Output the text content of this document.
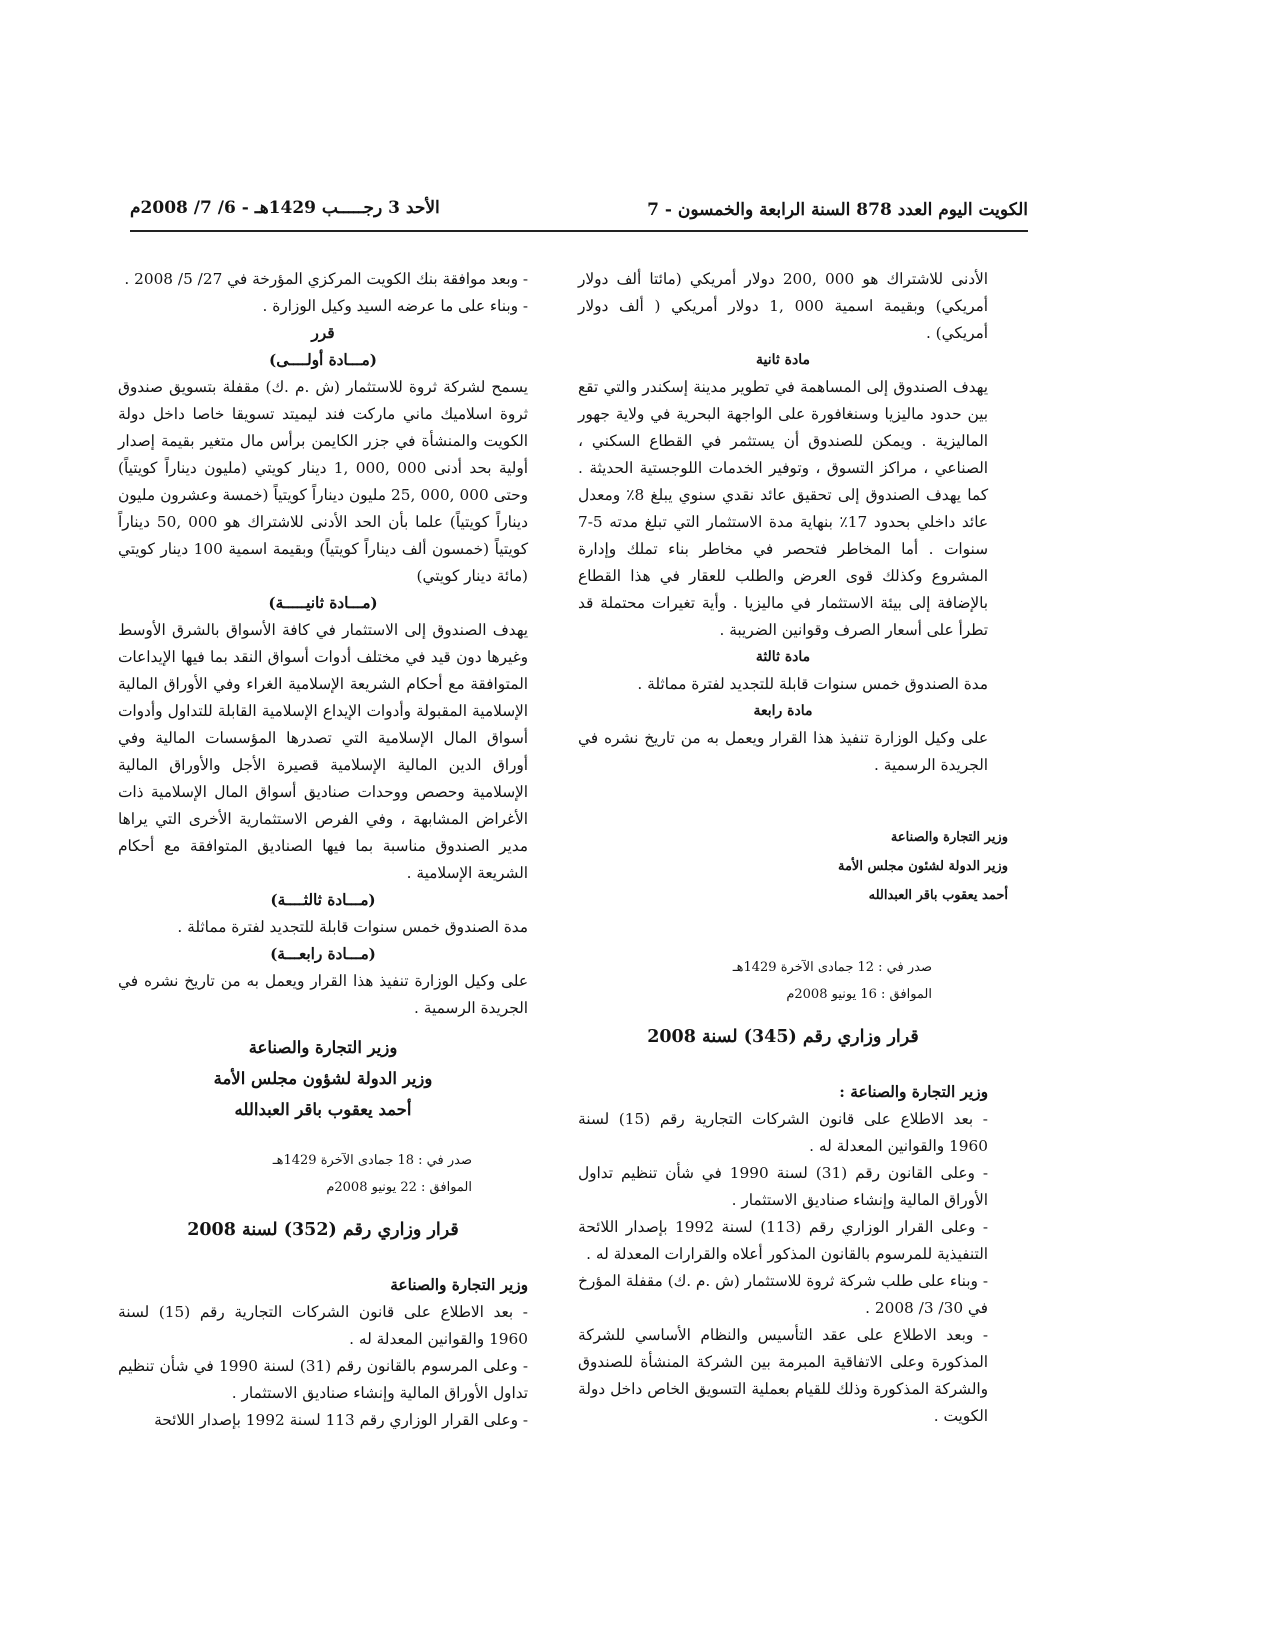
الكويت اليوم العدد 878 السنة الرابعة والخمسون - 7
الأحد 3 رجـــــب 1429هـ - 6/ 7/ 2008م

الأدنى للاشتراك هو 000 ,200 دولار أمريكي (مائتا ألف دولار أمريكي) وبقيمة اسمية 000 ,1 دولار أمريكي ( ألف دولار أمريكي) .

مادة ثانية

يهدف الصندوق إلى المساهمة في تطوير مدينة إسكندر والتي تقع بين حدود ماليزيا وسنغافورة على الواجهة البحرية في ولاية جهور الماليزية . ويمكن للصندوق أن يستثمر في القطاع السكني ، الصناعي ، مراكز التسوق ، وتوفير الخدمات اللوجستية الحديثة . كما يهدف الصندوق إلى تحقيق عائد نقدي سنوي يبلغ 8٪ ومعدل عائد داخلي بحدود 17٪ بنهاية مدة الاستثمار التي تبلغ مدته 5-7 سنوات . أما المخاطر فتحصر في مخاطر بناء تملك وإدارة المشروع وكذلك قوى العرض والطلب للعقار في هذا القطاع بالإضافة إلى بيئة الاستثمار في ماليزيا . وأية تغيرات محتملة قد تطرأ على أسعار الصرف وقوانين الضريبة .

مادة ثالثة

مدة الصندوق خمس سنوات قابلة للتجديد لفترة مماثلة .

مادة رابعة

على وكيل الوزارة تنفيذ هذا القرار ويعمل به من تاريخ نشره في الجريدة الرسمية .

وزير التجارة والصناعة

وزير الدولة لشئون مجلس الأمة

أحمد يعقوب باقر العبدالله

صدر في : 12 جمادى الآخرة 1429هـ

الموافق : 16 يونيو 2008م

قرار وزاري رقم (345) لسنة 2008

وزير التجارة والصناعة :

- بعد الاطلاع على قانون الشركات التجارية رقم (15) لسنة 1960 والقوانين المعدلة له .

- وعلى القانون رقم (31) لسنة 1990 في شأن تنظيم تداول الأوراق المالية وإنشاء صناديق الاستثمار .

- وعلى القرار الوزاري رقم (113) لسنة 1992 بإصدار اللائحة التنفيذية للمرسوم بالقانون المذكور أعلاه والقرارات المعدلة له .

- وبناء على طلب شركة ثروة للاستثمار (ش .م .ك) مقفلة المؤرخ في 30/ 3/ 2008 .

- وبعد الاطلاع على عقد التأسيس والنظام الأساسي للشركة المذكورة وعلى الاتفاقية المبرمة بين الشركة المنشأة للصندوق والشركة المذكورة وذلك للقيام بعملية التسويق الخاص داخل دولة الكويت .

- وبعد موافقة بنك الكويت المركزي المؤرخة في 27/ 5/ 2008 .

- وبناء على ما عرضه السيد وكيل الوزارة .

قرر

(مـــادة أولــــى)

يسمح لشركة ثروة للاستثمار (ش .م .ك) مقفلة بتسويق صندوق ثروة اسلاميك ماني ماركت فند ليميتد تسويقا خاصا داخل دولة الكويت والمنشأة في جزر الكايمن برأس مال متغير بقيمة إصدار أولية بحد أدنى 000 ,000 ,1 دينار كويتي (مليون ديناراً كويتياً) وحتى 000 ,000 ,25 مليون ديناراً كويتياً (خمسة وعشرون مليون ديناراً كويتياً) علما بأن الحد الأدنى للاشتراك هو 000 ,50 ديناراً كويتياً (خمسون ألف ديناراً كويتياً) وبقيمة اسمية 100 دينار كويتي (مائة دينار كويتي)

(مـــادة ثانيـــــة)

يهدف الصندوق إلى الاستثمار في كافة الأسواق بالشرق الأوسط وغيرها دون قيد في مختلف أدوات أسواق النقد بما فيها الإيداعات المتوافقة مع أحكام الشريعة الإسلامية الغراء وفي الأوراق المالية الإسلامية المقبولة وأدوات الإيداع الإسلامية القابلة للتداول وأدوات أسواق المال الإسلامية التي تصدرها المؤسسات المالية وفي أوراق الدين المالية الإسلامية قصيرة الأجل والأوراق المالية الإسلامية وحصص ووحدات صناديق أسواق المال الإسلامية ذات الأغراض المشابهة ، وفي الفرص الاستثمارية الأخرى التي يراها مدير الصندوق مناسبة بما فيها الصناديق المتوافقة مع أحكام الشريعة الإسلامية .

(مـــادة ثالثــــة)

مدة الصندوق خمس سنوات قابلة للتجديد لفترة مماثلة .

(مـــادة رابعـــة)

على وكيل الوزارة تنفيذ هذا القرار ويعمل به من تاريخ نشره في الجريدة الرسمية .

وزير التجارة والصناعة

وزير الدولة لشؤون مجلس الأمة

أحمد يعقوب باقر العبدالله

صدر في : 18 جمادى الآخرة 1429هـ

الموافق : 22 يونيو 2008م

قرار وزاري رقم (352) لسنة 2008

وزير التجارة والصناعة

- بعد الاطلاع على قانون الشركات التجارية رقم (15) لسنة 1960 والقوانين المعدلة له .

- وعلى المرسوم بالقانون رقم (31) لسنة 1990 في شأن تنظيم تداول الأوراق المالية وإنشاء صناديق الاستثمار .

- وعلى القرار الوزاري رقم 113 لسنة 1992 بإصدار اللائحة
